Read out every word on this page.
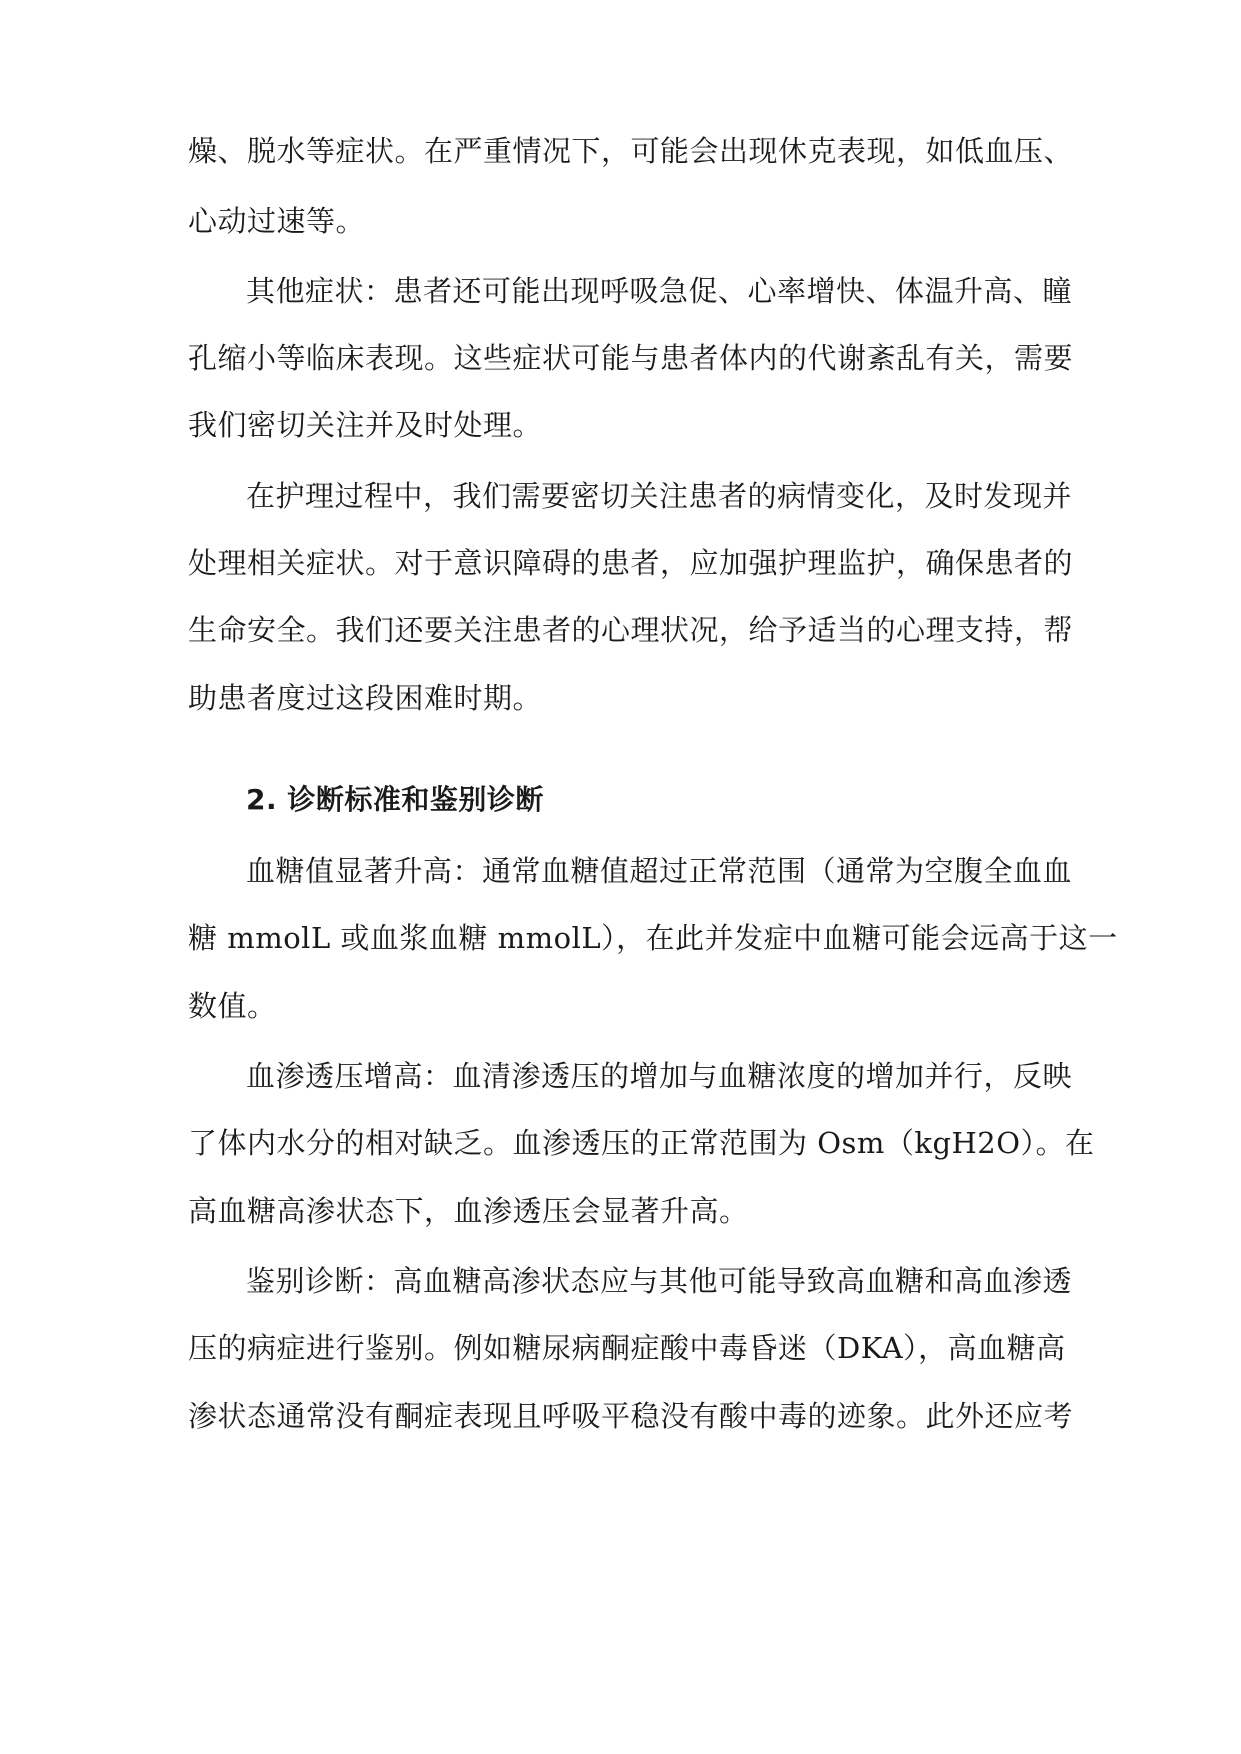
燥、脱水等症状。在严重情况下，可能会出现休克表现，如低血压、
心动过速等。
其他症状：患者还可能出现呼吸急促、心率增快、体温升高、瞳
孔缩小等临床表现。这些症状可能与患者体内的代谢紊乱有关，需要
我们密切关注并及时处理。
在护理过程中，我们需要密切关注患者的病情变化，及时发现并
处理相关症状。对于意识障碍的患者，应加强护理监护，确保患者的
生命安全。我们还要关注患者的心理状况，给予适当的心理支持，帮
助患者度过这段困难时期。
2. 诊断标准和鉴别诊断
血糖值显著升高：通常血糖值超过正常范围（通常为空腹全血血
糖 mmolL 或血浆血糖 mmolL），在此并发症中血糖可能会远高于这一
数值。
血渗透压增高：血清渗透压的增加与血糖浓度的增加并行，反映
了体内水分的相对缺乏。血渗透压的正常范围为 Osm（kgH2O）。在
高血糖高渗状态下，血渗透压会显著升高。
鉴别诊断：高血糖高渗状态应与其他可能导致高血糖和高血渗透
压的病症进行鉴别。例如糖尿病酮症酸中毒昏迷（DKA），高血糖高
渗状态通常没有酮症表现且呼吸平稳没有酸中毒的迹象。此外还应考
